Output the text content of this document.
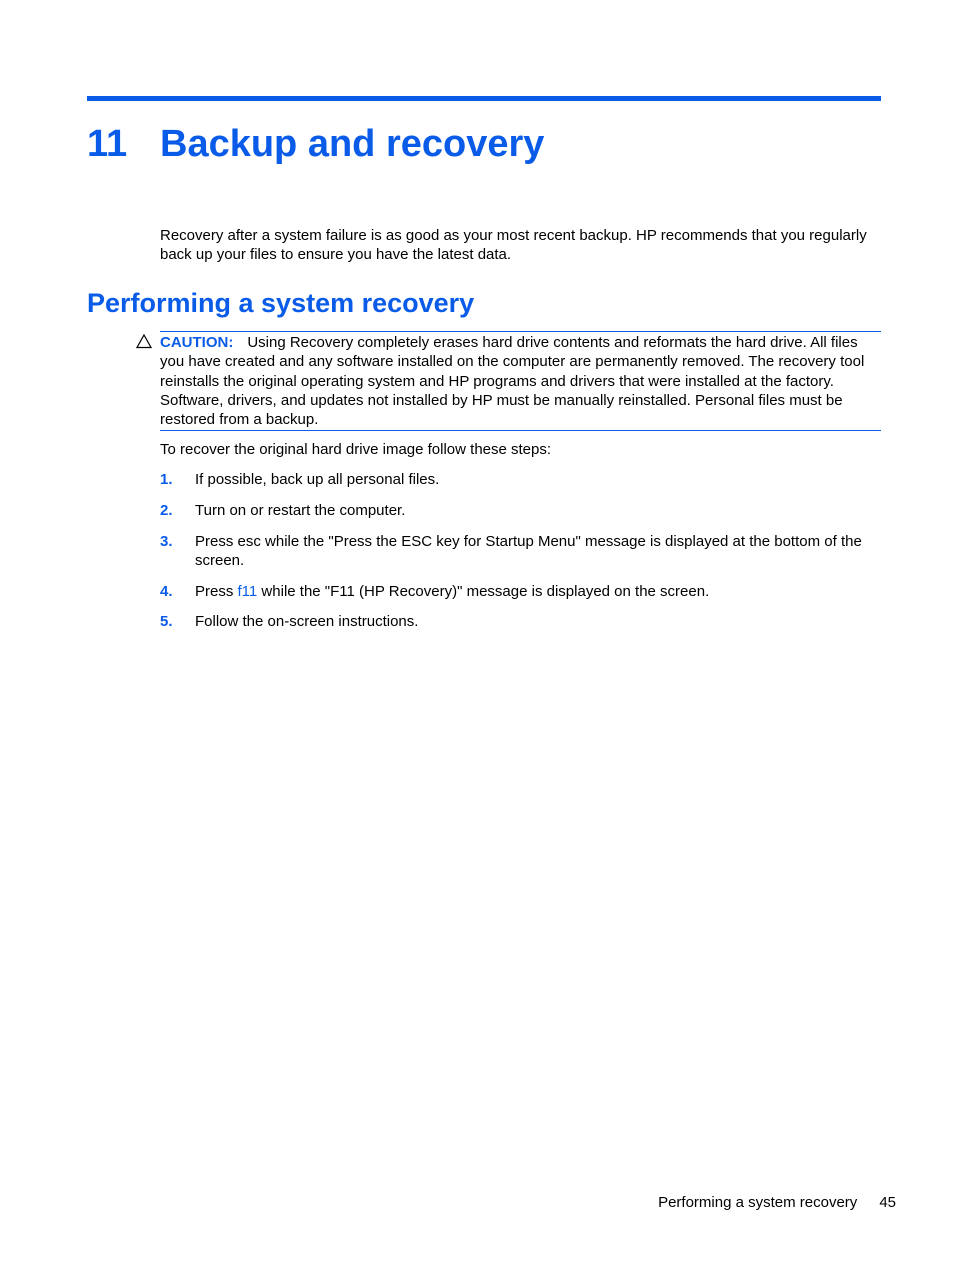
11 Backup and recovery

Recovery after a system failure is as good as your most recent backup. HP recommends that you regularly back up your files to ensure you have the latest data.

Performing a system recovery
CAUTION: Using Recovery completely erases hard drive contents and reformats the hard drive. All files you have created and any software installed on the computer are permanently removed. The recovery tool reinstalls the original operating system and HP programs and drivers that were installed at the factory. Software, drivers, and updates not installed by HP must be manually reinstalled. Personal files must be restored from a backup.

To recover the original hard drive image follow these steps:

1. If possible, back up all personal files.
2. Turn on or restart the computer.
3. Press esc while the "Press the ESC key for Startup Menu" message is displayed at the bottom of the screen.
4. Press f11 while the "F11 (HP Recovery)" message is displayed on the screen.
5. Follow the on-screen instructions.
Performing a system recovery 45
